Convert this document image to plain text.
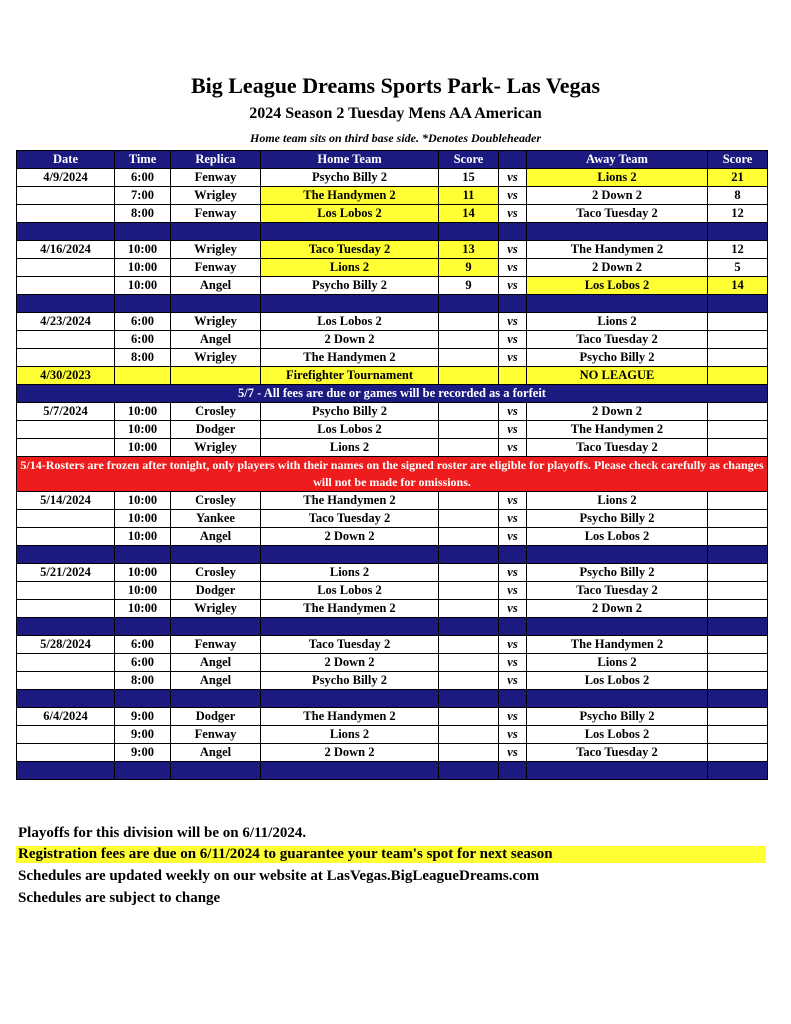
Big League Dreams Sports Park- Las Vegas
2024 Season 2 Tuesday Mens AA American
Home team sits on third base side. *Denotes Doubleheader
Date	Time	Replica	Home Team	Score		Away Team	Score
4/9/2024	6:00	Fenway	Psycho Billy 2	15	vs	Lions 2	21
	7:00	Wrigley	The Handymen 2	11	vs	2 Down 2	8
	8:00	Fenway	Los Lobos 2	14	vs	Taco Tuesday 2	12

4/16/2024	10:00	Wrigley	Taco Tuesday 2	13	vs	The Handymen 2	12
	10:00	Fenway	Lions 2	9	vs	2 Down 2	5
	10:00	Angel	Psycho Billy 2	9	vs	Los Lobos 2	14

4/23/2024	6:00	Wrigley	Los Lobos 2		vs	Lions 2	
	6:00	Angel	2 Down 2		vs	Taco Tuesday 2	
	8:00	Wrigley	The Handymen 2		vs	Psycho Billy 2	
4/30/2023			Firefighter Tournament			NO LEAGUE	
5/7 - All fees are due or games will be recorded as a forfeit							
5/7/2024	10:00	Crosley	Psycho Billy 2		vs	2 Down 2	
	10:00	Dodger	Los Lobos 2		vs	The Handymen 2	
	10:00	Wrigley	Lions 2		vs	Taco Tuesday 2	
5/14-Rosters are frozen after tonight, only players with their names on the signed roster are eligible for playoffs. Please check carefully as changes will not be made for omissions.							
5/14/2024	10:00	Crosley	The Handymen 2		vs	Lions 2	
	10:00	Yankee	Taco Tuesday 2		vs	Psycho Billy 2	
	10:00	Angel	2 Down 2		vs	Los Lobos 2	

5/21/2024	10:00	Crosley	Lions 2		vs	Psycho Billy 2	
	10:00	Dodger	Los Lobos 2		vs	Taco Tuesday 2	
	10:00	Wrigley	The Handymen 2		vs	2 Down 2	

5/28/2024	6:00	Fenway	Taco Tuesday 2		vs	The Handymen 2	
	6:00	Angel	2 Down 2		vs	Lions 2	
	8:00	Angel	Psycho Billy 2		vs	Los Lobos 2	

6/4/2024	9:00	Dodger	The Handymen 2		vs	Psycho Billy 2	
	9:00	Fenway	Lions 2		vs	Los Lobos 2	
	9:00	Angel	2 Down 2		vs	Taco Tuesday 2	

Playoffs for this division will be on 6/11/2024.
Registration fees are due on 6/11/2024 to guarantee your team's spot for next season
Schedules are updated weekly on our website at LasVegas.BigLeagueDreams.com
Schedules are subject to change
